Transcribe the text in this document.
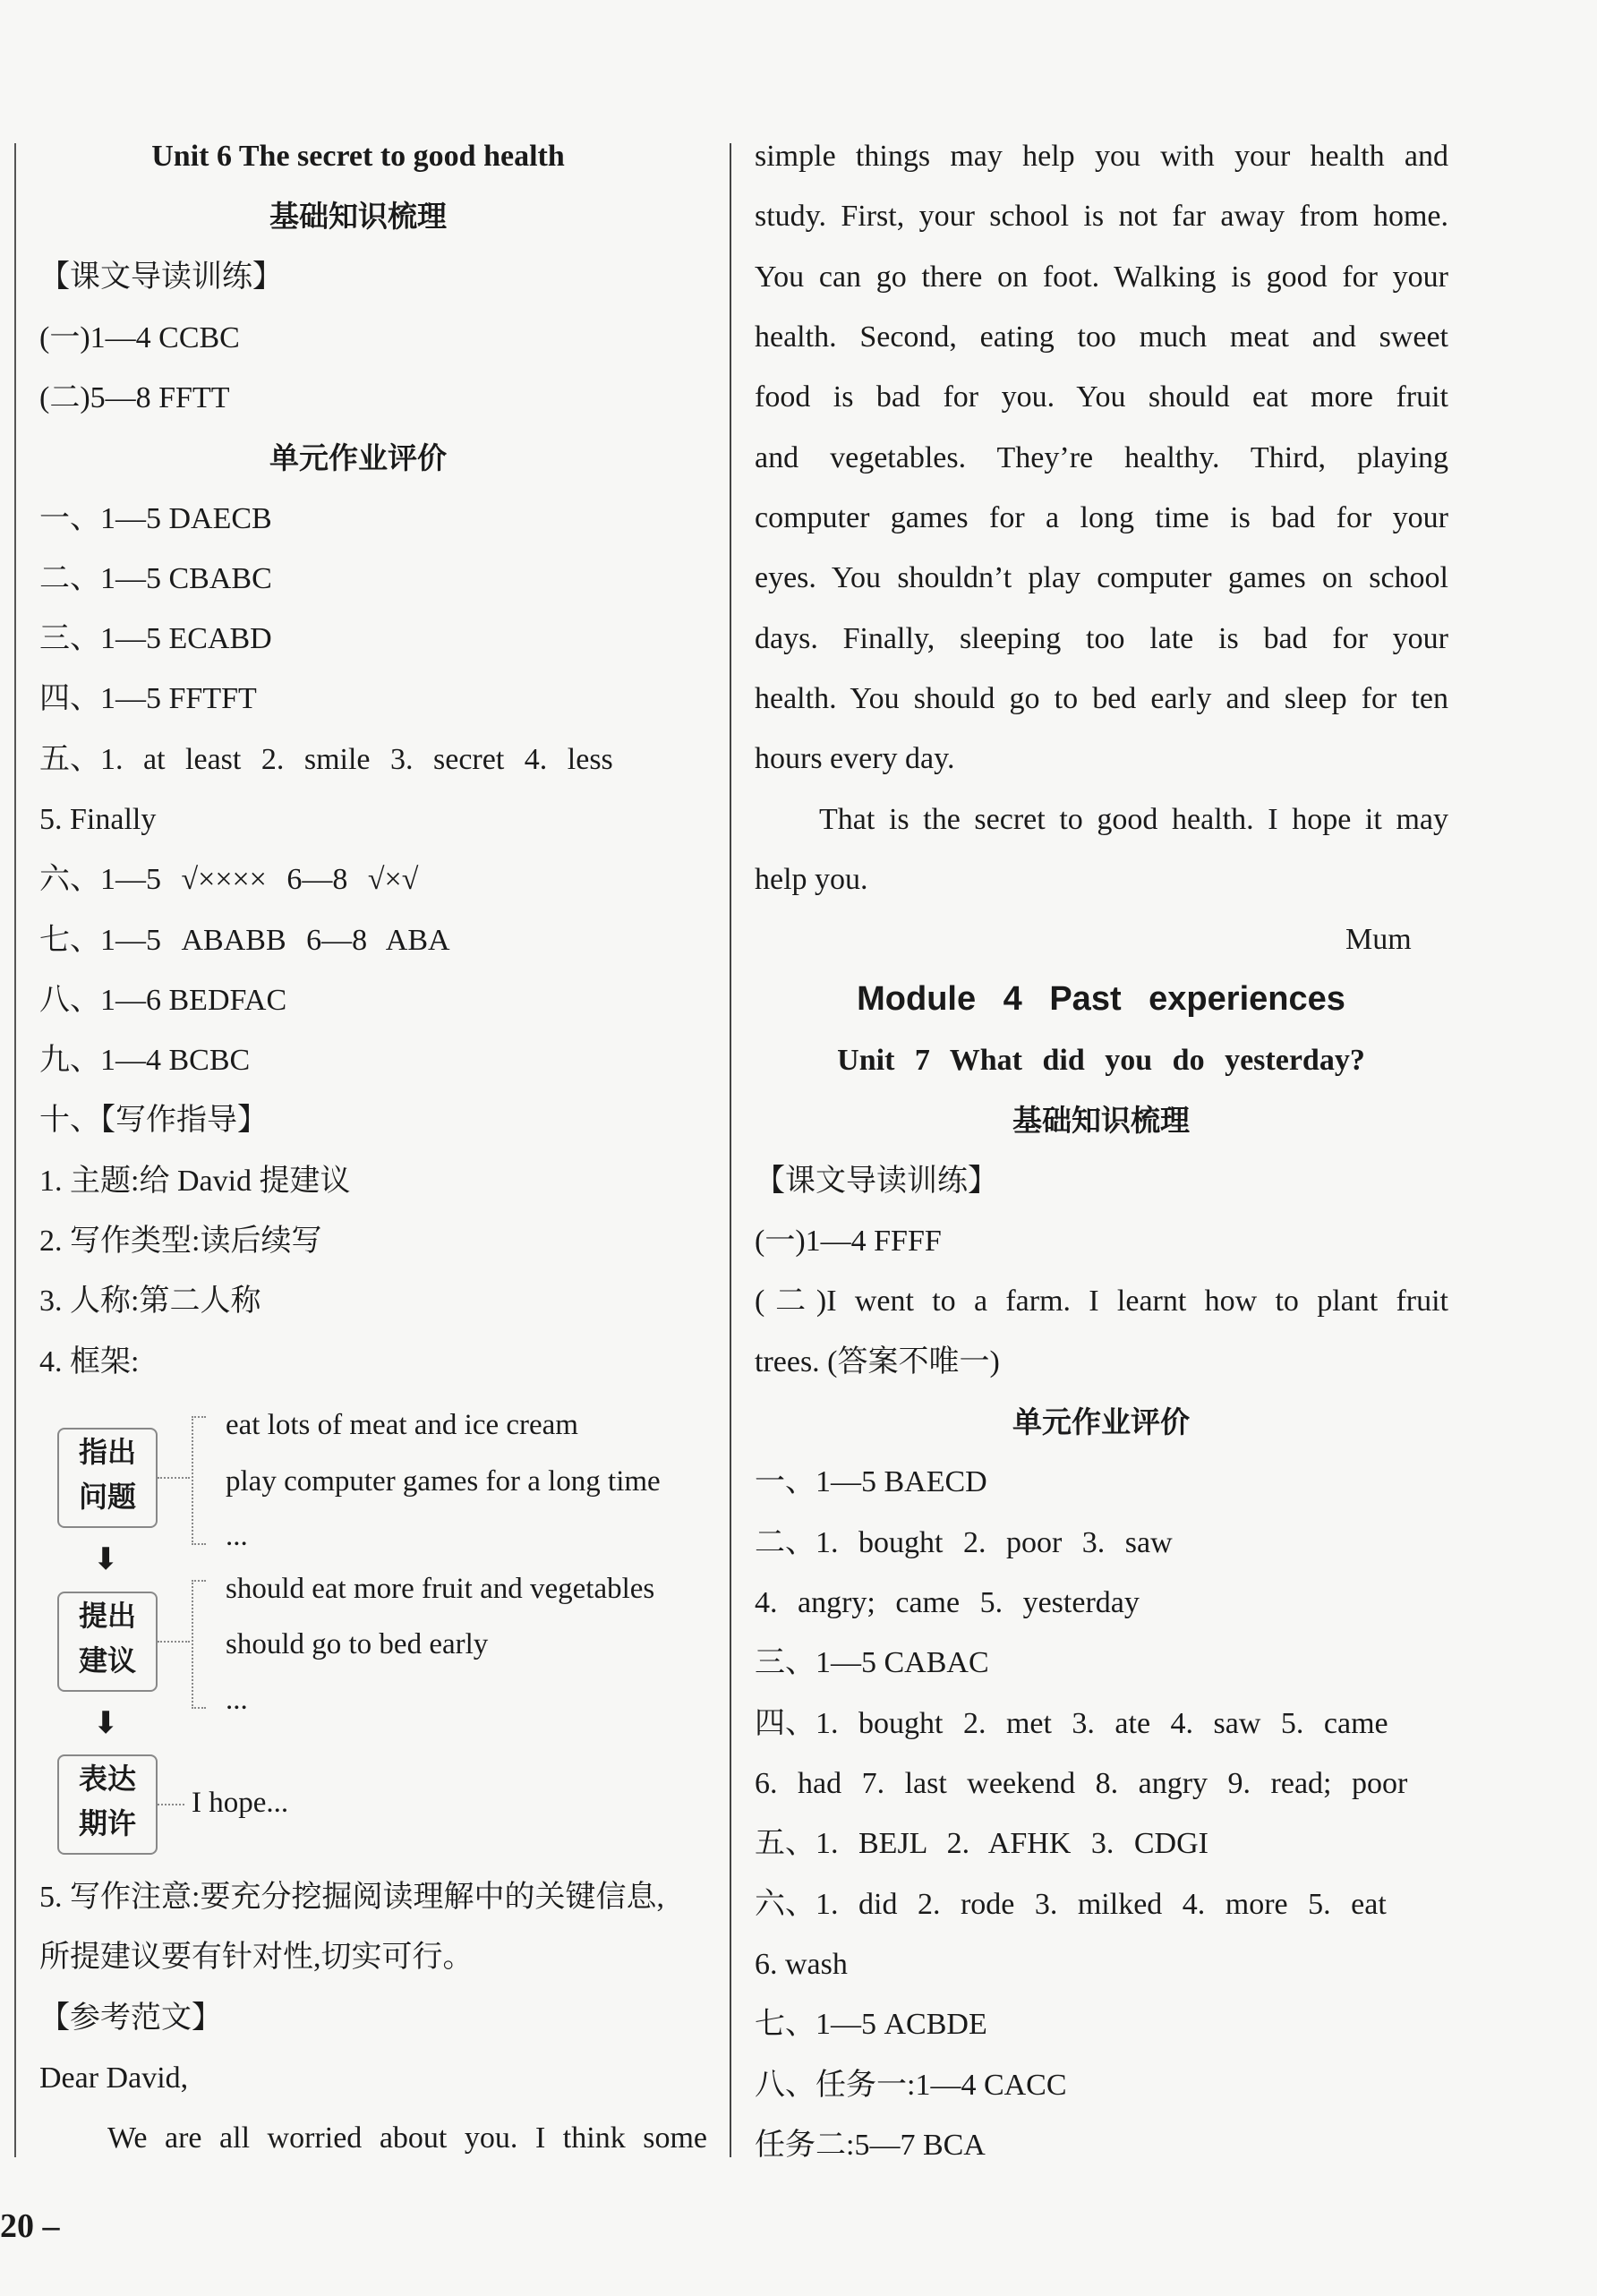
Unit 6 The secret to good health
基础知识梳理
【课文导读训练】
(一)1—4 CCBC
(二)5—8 FFTT
单元作业评价
一、1—5 DAECB
二、1—5 CBABC
三、1—5 ECABD
四、1—5 FFTFT
五、1. at least 2. smile 3. secret 4. less
5. Finally
六、1—5 √×××× 6—8 √×√
七、1—5 ABABB 6—8 ABA
八、1—6 BEDFAC
九、1—4 BCBC
十、【写作指导】
1. 主题:给 David 提建议
2. 写作类型:读后续写
3. 人称:第二人称
4. 框架:
指出
问题
eat lots of meat and ice cream
play computer games for a long time
...
⬇
提出
建议
should eat more fruit and vegetables
should go to bed early
...
⬇
表达
期许
I hope...
5. 写作注意:要充分挖掘阅读理解中的关键信息,
所提建议要有针对性,切实可行。
【参考范文】
Dear David,
We are all worried about you. I think some
simple things may help you with your health and
study. First, your school is not far away from home.
You can go there on foot. Walking is good for your
health. Second, eating too much meat and sweet
food is bad for you. You should eat more fruit
and vegetables. They’re healthy. Third, playing
computer games for a long time is bad for your
eyes. You shouldn’t play computer games on school
days. Finally, sleeping too late is bad for your
health. You should go to bed early and sleep for ten
hours every day.
That is the secret to good health. I hope it may
help you.
Mum
Module 4 Past experiences
Unit 7 What did you do yesterday?
基础知识梳理
【课文导读训练】
(一)1—4 FFFF
(二)I went to a farm. I learnt how to plant fruit
trees. (答案不唯一)
单元作业评价
一、1—5 BAECD
二、1. bought 2. poor 3. saw
4. angry; came 5. yesterday
三、1—5 CABAC
四、1. bought 2. met 3. ate 4. saw 5. came
6. had 7. last weekend 8. angry 9. read; poor
五、1. BEJL 2. AFHK 3. CDGI
六、1. did 2. rode 3. milked 4. more 5. eat
6. wash
七、1—5 ACBDE
八、任务一:1—4 CACC
任务二:5—7 BCA
20 –
